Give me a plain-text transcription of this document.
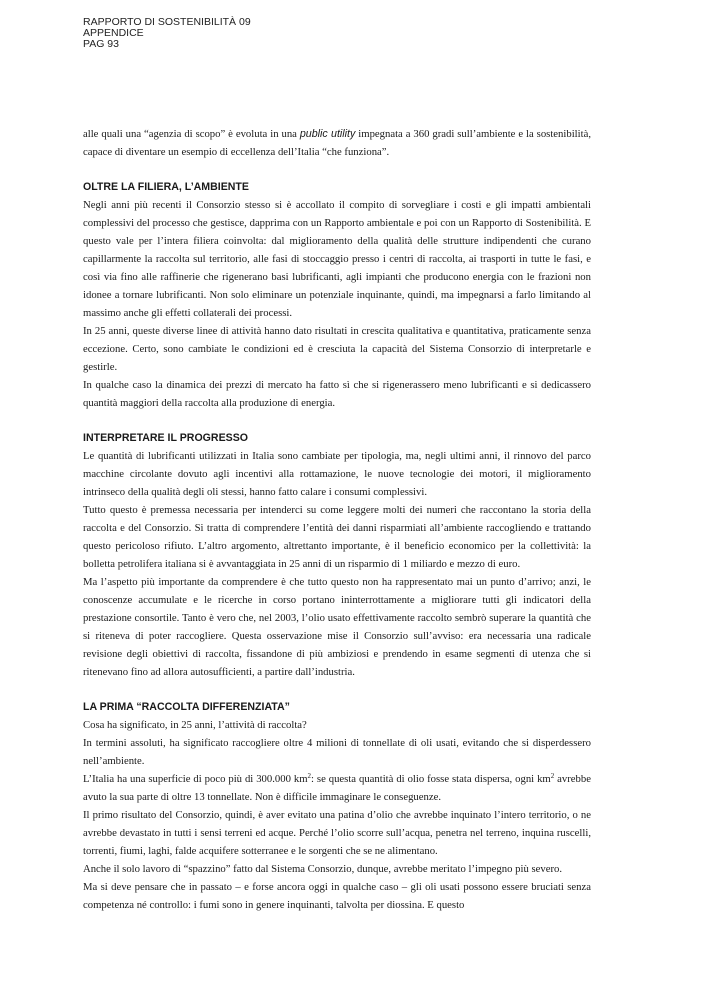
RAPPORTO DI SOSTENIBILITÀ 09
APPENDICE
PAG 93

alle quali una “agenzia di scopo” è evoluta in una public utility impegnata a 360 gradi sull’ambiente e la sostenibilità, capace di diventare un esempio di eccellenza dell’Italia “che funziona”.

OLTRE LA FILIERA, L’AMBIENTE

Negli anni più recenti il Consorzio stesso si è accollato il compito di sorvegliare i costi e gli impatti ambientali complessivi del processo che gestisce, dapprima con un Rapporto ambientale e poi con un Rapporto di Sostenibilità. E questo vale per l’intera filiera coinvolta: dal miglioramento della qualità delle strutture indipendenti che curano capillarmente la raccolta sul territorio, alle fasi di stoccaggio presso i centri di raccolta, ai trasporti in tutte le fasi, e così via fino alle raffinerie che rigenerano basi lubrificanti, agli impianti che producono energia con le frazioni non idonee a tornare lubrificanti. Non solo eliminare un potenziale inquinante, quindi, ma impegnarsi a farlo limitando al massimo anche gli effetti collaterali dei processi.

In 25 anni, queste diverse linee di attività hanno dato risultati in crescita qualitativa e quantitativa, praticamente senza eccezione. Certo, sono cambiate le condizioni ed è cresciuta la capacità del Sistema Consorzio di interpretarle e gestirle.

In qualche caso la dinamica dei prezzi di mercato ha fatto sì che si rigenerassero meno lubrificanti e si dedicassero quantità maggiori della raccolta alla produzione di energia.

INTERPRETARE IL PROGRESSO

Le quantità di lubrificanti utilizzati in Italia sono cambiate per tipologia, ma, negli ultimi anni, il rinnovo del parco macchine circolante dovuto agli incentivi alla rottamazione, le nuove tecnologie dei motori, il miglioramento intrinseco della qualità degli oli stessi, hanno fatto calare i consumi complessivi.

Tutto questo è premessa necessaria per intenderci su come leggere molti dei numeri che raccontano la storia della raccolta e del Consorzio. Si tratta di comprendere l’entità dei danni risparmiati all’ambiente raccogliendo e trattando questo pericoloso rifiuto. L’altro argomento, altrettanto importante, è il beneficio economico per la collettività: la bolletta petrolifera italiana si è avvantaggiata in 25 anni di un risparmio di 1 miliardo e mezzo di euro.

Ma l’aspetto più importante da comprendere è che tutto questo non ha rappresentato mai un punto d’arrivo; anzi, le conoscenze accumulate e le ricerche in corso portano ininterrottamente a migliorare tutti gli indicatori della prestazione consortile. Tanto è vero che, nel 2003, l’olio usato effettivamente raccolto sembrò superare la quantità che si riteneva di poter raccogliere. Questa osservazione mise il Consorzio sull’avviso: era necessaria una radicale revisione degli obiettivi di raccolta, fissandone di più ambiziosi e prendendo in esame segmenti di utenza che si ritenevano fino ad allora autosufficienti, a partire dall’industria.

LA PRIMA “RACCOLTA DIFFERENZIATA”

Cosa ha significato, in 25 anni, l’attività di raccolta?

In termini assoluti, ha significato raccogliere oltre 4 milioni di tonnellate di oli usati, evitando che si disperdessero nell’ambiente.

L’Italia ha una superficie di poco più di 300.000 $km^2$: se questa quantità di olio fosse stata dispersa, ogni $km^2$ avrebbe avuto la sua parte di oltre 13 tonnellate. Non è difficile immaginare le conseguenze.

Il primo risultato del Consorzio, quindi, è aver evitato una patina d’olio che avrebbe inquinato l’intero territorio, o ne avrebbe devastato in tutti i sensi terreni ed acque. Perché l’olio scorre sull’acqua, penetra nel terreno, inquina ruscelli, torrenti, fiumi, laghi, falde acquifere sotterranee e le sorgenti che se ne alimentano.

Anche il solo lavoro di “spazzino” fatto dal Sistema Consorzio, dunque, avrebbe meritato l’impegno più severo.

Ma si deve pensare che in passato – e forse ancora oggi in qualche caso – gli oli usati possono essere bruciati senza competenza né controllo: i fumi sono in genere inquinanti, talvolta per diossina. E questo
